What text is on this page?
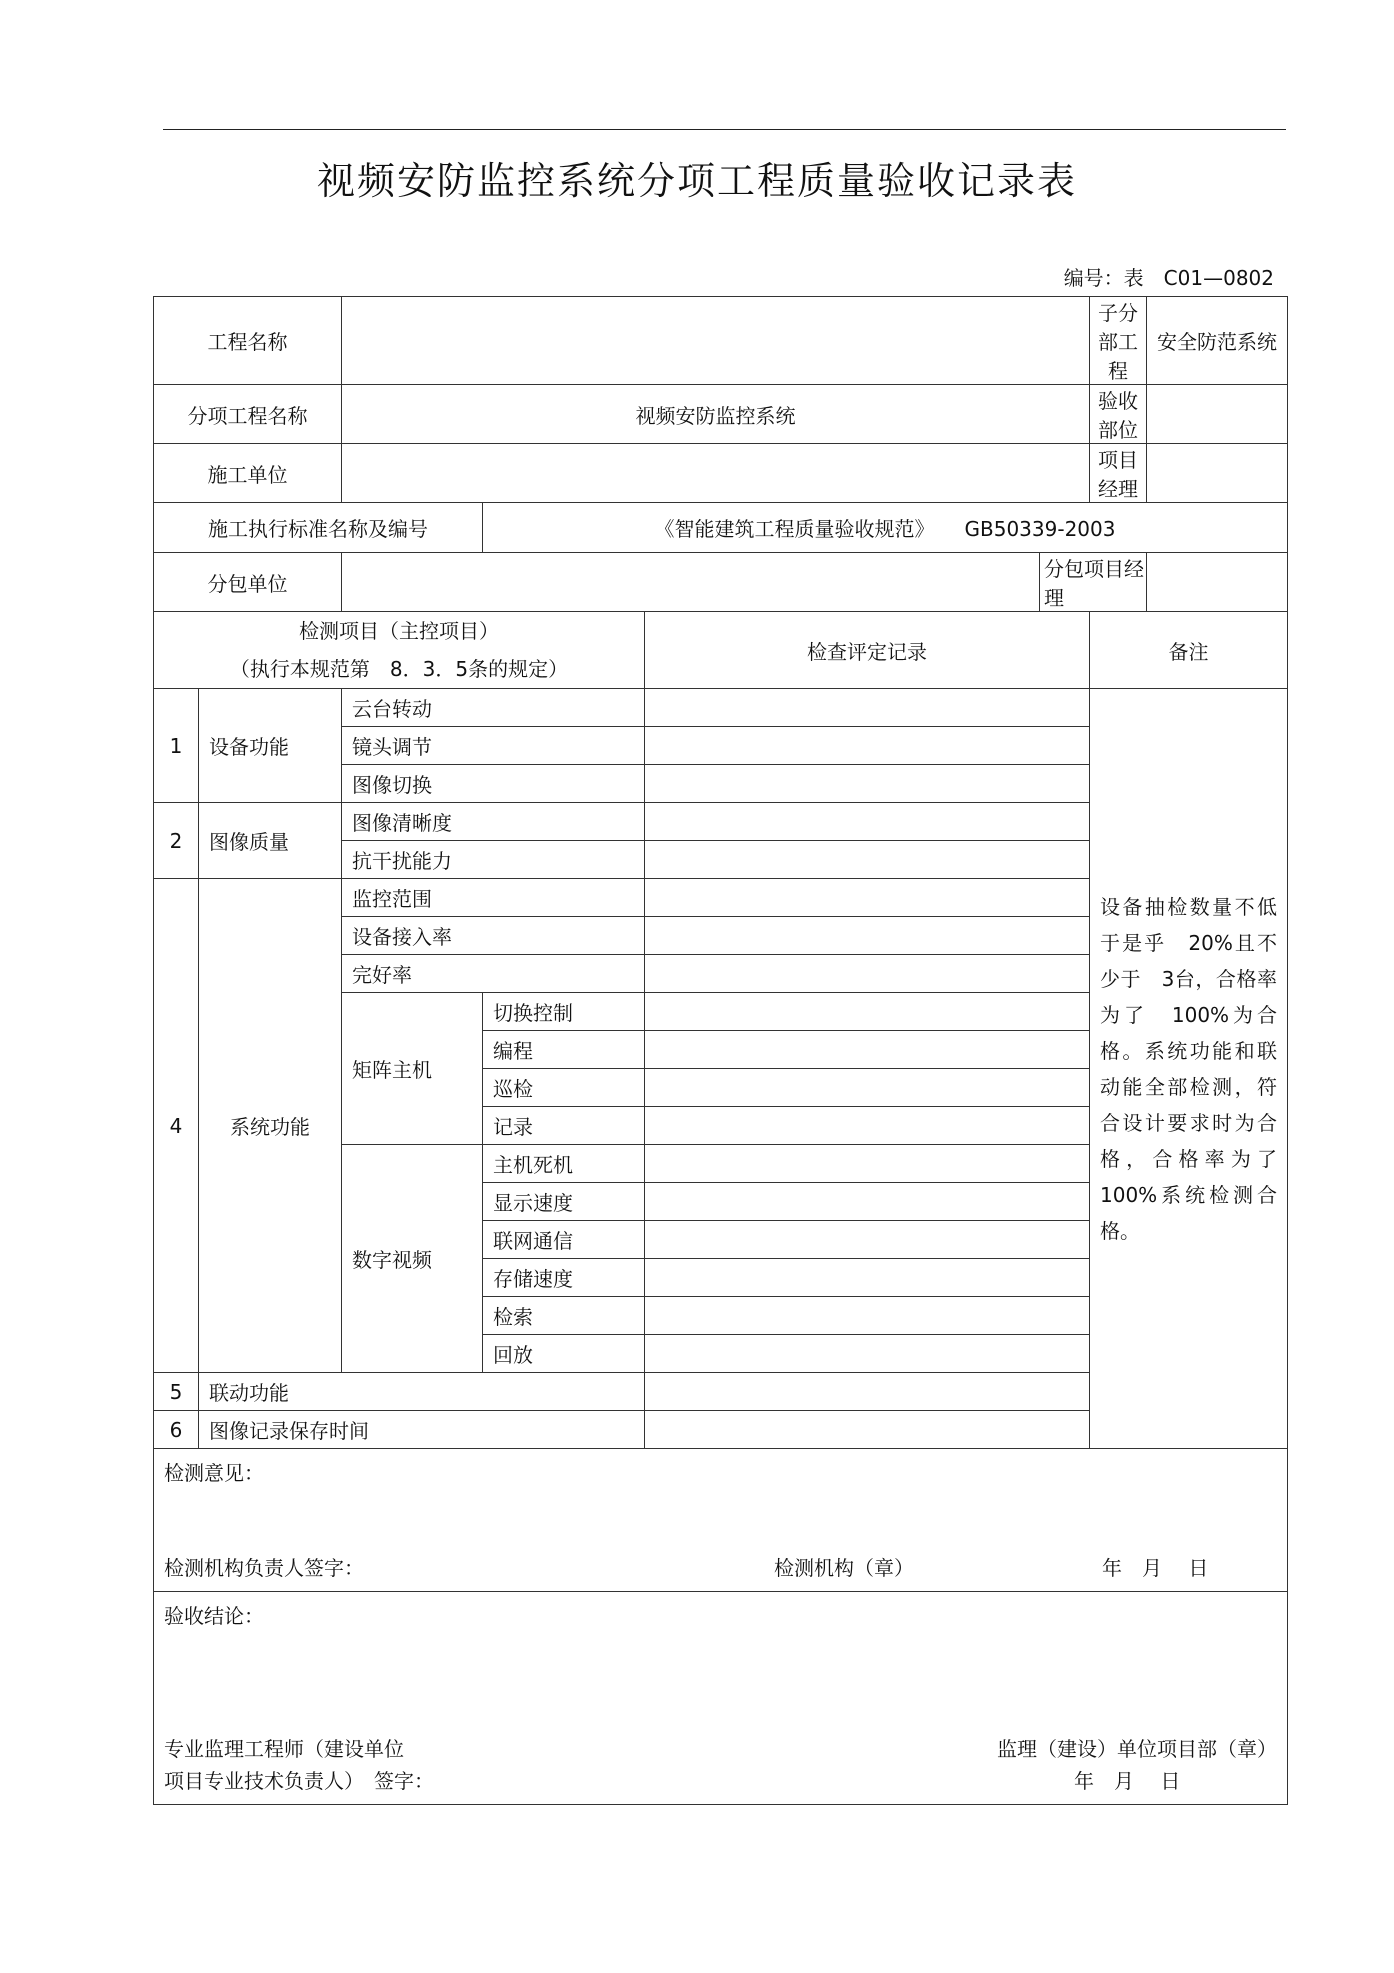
视频安防监控系统分项工程质量验收记录表
编号：表　C01—0802
工程名称						子分部工程	安全防范系统
分项工程名称		视频安防监控系统				验收部位	
施工单位						项目经理	
施工执行标准名称及编号			《智能建筑工程质量验收规范》　　GB50339-2003				
分包单位					分包项目经理		

检测项目（主控项目）
（执行本规范第　8．3．5条的规定）				检查评定记录		备注	
1	设备功能	云台转动				设备抽检数量不低于是乎　20%且不少于　3台，合格率为了　100%为合格。系统功能和联动能全部检测，符合设计要求时为合格，合格率为了　100%系统检测合格。	

		镜头调节					
		图像切换					
2	图像质量	图像清晰度					
		抗干扰能力					
4	系统功能	监控范围					
		设备接入率					
		完好率					
		矩阵主机	切换控制				
			编程				
			巡检				
			记录				
		数字视频	主机死机				
			显示速度				
			联网通信				
			存储速度				
			检索				
			回放				
5	联动功能						
6	图像记录保存时间						

检测意见：
检测机构负责人签字： 检测机构（章） 年　月　 日							

验收结论：
专业监理工程师（建设单位
项目专业技术负责人）　签字：
监理（建设）单位项目部（章）
年　月　 日							
